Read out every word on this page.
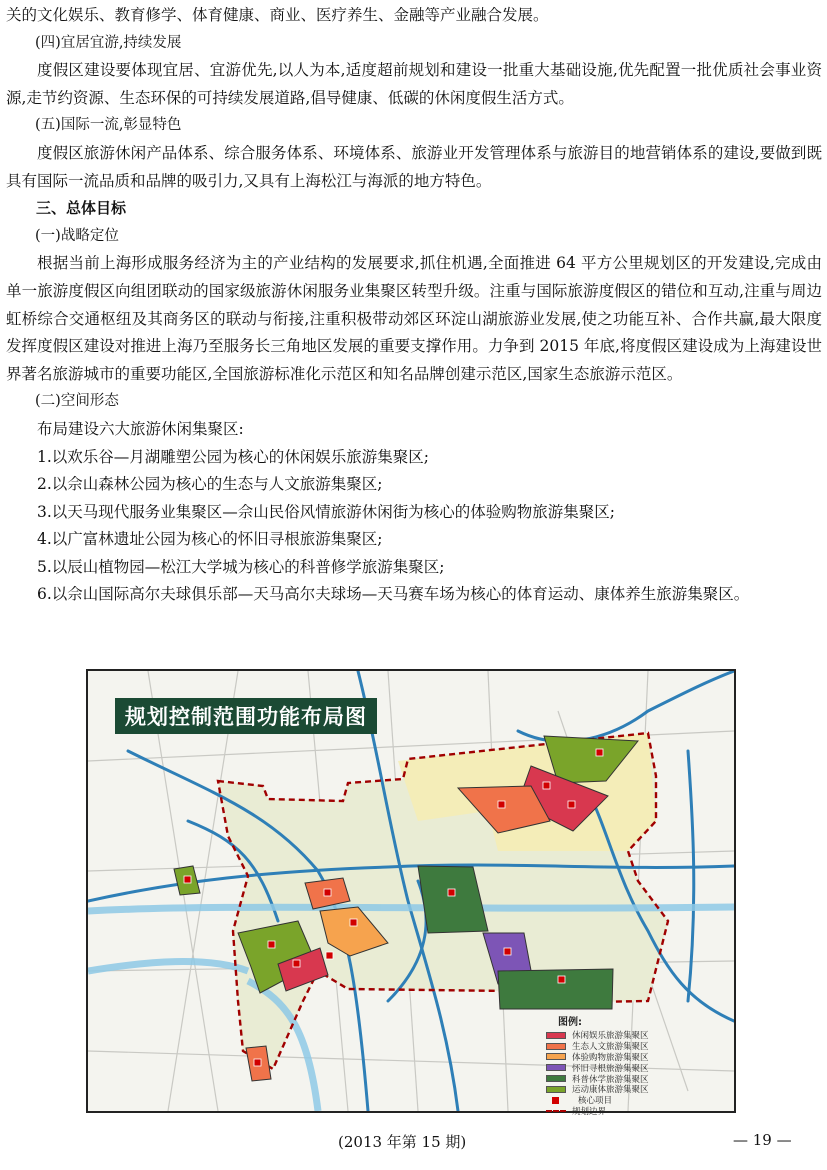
关的文化娱乐、教育修学、体育健康、商业、医疗养生、金融等产业融合发展。

(四)宜居宜游,持续发展

度假区建设要体现宜居、宜游优先,以人为本,适度超前规划和建设一批重大基础设施,优先配置一批优质社会事业资源,走节约资源、生态环保的可持续发展道路,倡导健康、低碳的休闲度假生活方式。

(五)国际一流,彰显特色

度假区旅游休闲产品体系、综合服务体系、环境体系、旅游业开发管理体系与旅游目的地营销体系的建设,要做到既具有国际一流品质和品牌的吸引力,又具有上海松江与海派的地方特色。

三、总体目标

(一)战略定位

根据当前上海形成服务经济为主的产业结构的发展要求,抓住机遇,全面推进 64 平方公里规划区的开发建设,完成由单一旅游度假区向组团联动的国家级旅游休闲服务业集聚区转型升级。注重与国际旅游度假区的错位和互动,注重与周边虹桥综合交通枢纽及其商务区的联动与衔接,注重积极带动郊区环淀山湖旅游业发展,使之功能互补、合作共赢,最大限度发挥度假区建设对推进上海乃至服务长三角地区发展的重要支撑作用。力争到 2015 年底,将度假区建设成为上海建设世界著名旅游城市的重要功能区,全国旅游标准化示范区和知名品牌创建示范区,国家生态旅游示范区。

(二)空间形态

布局建设六大旅游休闲集聚区:

1.以欢乐谷—月湖雕塑公园为核心的休闲娱乐旅游集聚区;

2.以佘山森林公园为核心的生态与人文旅游集聚区;

3.以天马现代服务业集聚区—佘山民俗风情旅游休闲街为核心的体验购物旅游集聚区;

4.以广富林遗址公园为核心的怀旧寻根旅游集聚区;

5.以辰山植物园—松江大学城为核心的科普修学旅游集聚区;

6.以佘山国际高尔夫球俱乐部—天马高尔夫球场—天马赛车场为核心的体育运动、康体养生旅游集聚区。

规划控制范围功能布局图
图例:
休闲娱乐旅游集聚区
生态人文旅游集聚区
体验购物旅游集聚区
怀旧寻根旅游集聚区
科普休学旅游集聚区
运动康体旅游集聚区
核心项目
规划边界
(2013 年第 15 期)	— 19 —
